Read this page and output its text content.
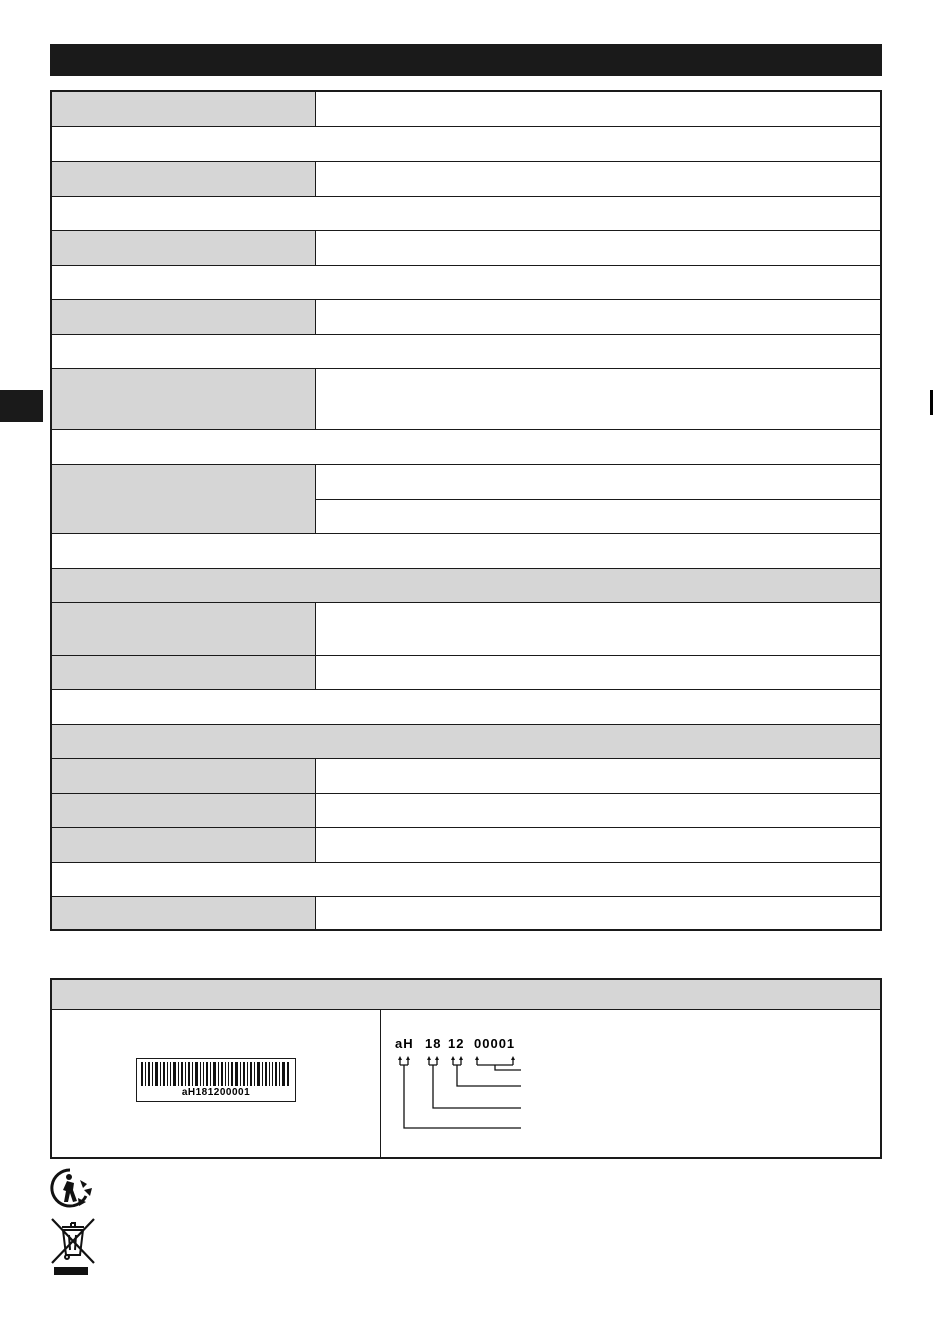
aH181200001
aH 18 12 00001
